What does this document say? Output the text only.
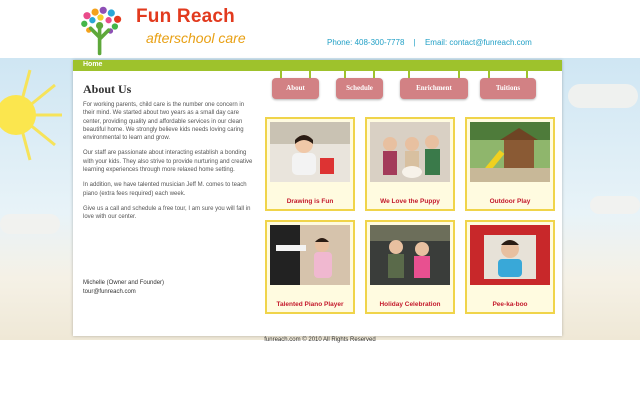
Fun Reach
afterschool care	Phone: 408-300-7778 | Email: contact@funreach.com
Home
About Us

For working parents, child care is the number one concern in their mind. We started about two years as a small day care center, providing quality and affordable services in our clean beautiful home. We strongly believe kids needs loving caring environmental to learn and grow.

Our staff are passionate about interacting establish a bonding with your kids. They also strive to provide nurturing and creative learning experiences through more relaxed home setting.

In addition, we have talented musician Jeff M. comes to teach piano (extra fees required) each week.

Give us a call and schedule a free tour, I am sure you will fall in love with our center.

Michelle (Owner and Founder)
tour@funreach.com
About	Schedule	Enrichment	Tuitions
Drawing is Fun	We Love the Puppy	Outdoor Play
Talented Piano Player	Holiday Celebration	Pee-ka-boo
funreach.com © 2010 All Rights Reserved
